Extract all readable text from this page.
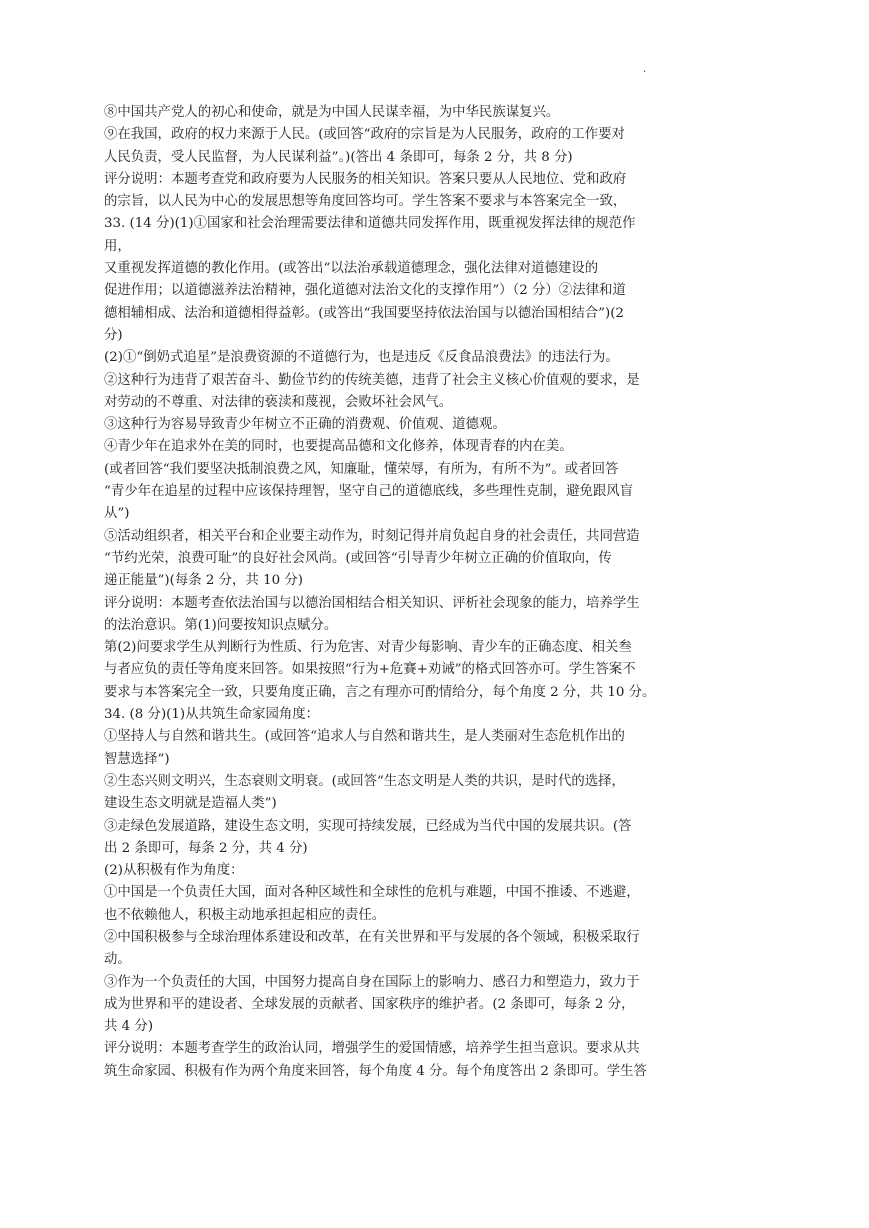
·
⑧中国共产党人的初心和使命，就是为中国人民谋幸福，为中华民族谋复兴。
⑨在我国，政府的权力来源于人民。(或回答“政府的宗旨是为人民服务，政府的工作要对
人民负责，受人民监督，为人民谋利益”。)(答出 4 条即可，每条 2 分，共 8 分)
评分说明：本题考查党和政府要为人民服务的相关知识。答案只要从人民地位、党和政府
的宗旨，以人民为中心的发展思想等角度回答均可。学生答案不要求与本答案完全一致，
33. (14 分)(1)①国家和社会治理需要法律和道德共同发挥作用，既重视发挥法律的规范作
用，
又重视发挥道德的教化作用。(或答出“以法治承载道德理念，强化法律对道德建设的
促进作用；以道德滋养法治精神，强化道德对法治文化的支撑作用”）（2 分）②法律和道
德相辅相成、法治和道德相得益彰。(或答出“我国要坚持依法治国与以德治国相结合”)(2
分)
(2)①“倒奶式追星”是浪费资源的不道德行为，也是违反《反食品浪费法》的违法行为。
②这种行为违背了艰苦奋斗、勤俭节约的传统美德，违背了社会主义核心价值观的要求，是
对劳动的不尊重、对法律的亵渎和蔑视，会败坏社会风气。
③这种行为容易导致青少年树立不正确的消费观、价值观、道德观。
④青少年在追求外在美的同时，也要提高品德和文化修养，体现青春的内在美。
(或者回答“我们要坚决抵制浪费之风，知廉耻，懂荣辱，有所为，有所不为”。或者回答
“青少年在追星的过程中应该保持理智，坚守自己的道德底线，多些理性克制，避免跟风盲
从”)
⑤活动组织者，相关平台和企业要主动作为，时刻记得并肩负起自身的社会责任，共同营造
“节约光荣，浪费可耻”的良好社会风尚。(或回答“引导青少年树立正确的价值取向，传
递正能量”)(每条 2 分，共 10 分)
评分说明：本题考查依法治国与以德治国相结合相关知识、评析社会现象的能力，培养学生
的法治意识。第(1)问要按知识点赋分。
第(2)问要求学生从判断行为性质、行为危害、对青少每影响、青少车的正确态度、相关叁
与者应负的责任等角度来回答。如果按照“行为+危賽+劝诫”的格式回答亦可。学生答案不
要求与本答案完全一致，只要角度正确，言之有理亦可酌情给分，每个角度 2 分，共 10 分。
34. (8 分)(1)从共筑生命家园角度：
①坚持人与自然和谐共生。(或回答“追求人与自然和谐共生，是人类丽对生态危机作出的
智慧选择”)
②生态兴则文明兴，生态衰则文明衰。(或回答“生态文明是人类的共识，是时代的选择，
建设生态文明就是造福人类”)
③走绿色发展道路，建设生态文明，实现可持续发展，已经成为当代中国的发展共识。(答
出 2 条即可，每条 2 分，共 4 分)
(2)从积极有作为角度：
①中国是一个负责任大国，面对各种区域性和全球性的危机与难题，中国不推诿、不逃避，
也不依赖他人，积极主动地承担起相应的责任。
②中国积极参与全球治理体系建设和改革，在有关世界和平与发展的各个领域，积极采取行
动。
③作为一个负责任的大国，中国努力提高自身在国际上的影响力、感召力和塑造力，致力于
成为世界和平的建设者、全球发展的贡献者、国家秩序的维护者。(2 条即可，每条 2 分，
共 4 分)
评分说明：本题考查学生的政治认同，增强学生的爱国情感，培养学生担当意识。要求从共
筑生命家园、积极有作为两个角度来回答，每个角度 4 分。每个角度答出 2 条即可。学生答
